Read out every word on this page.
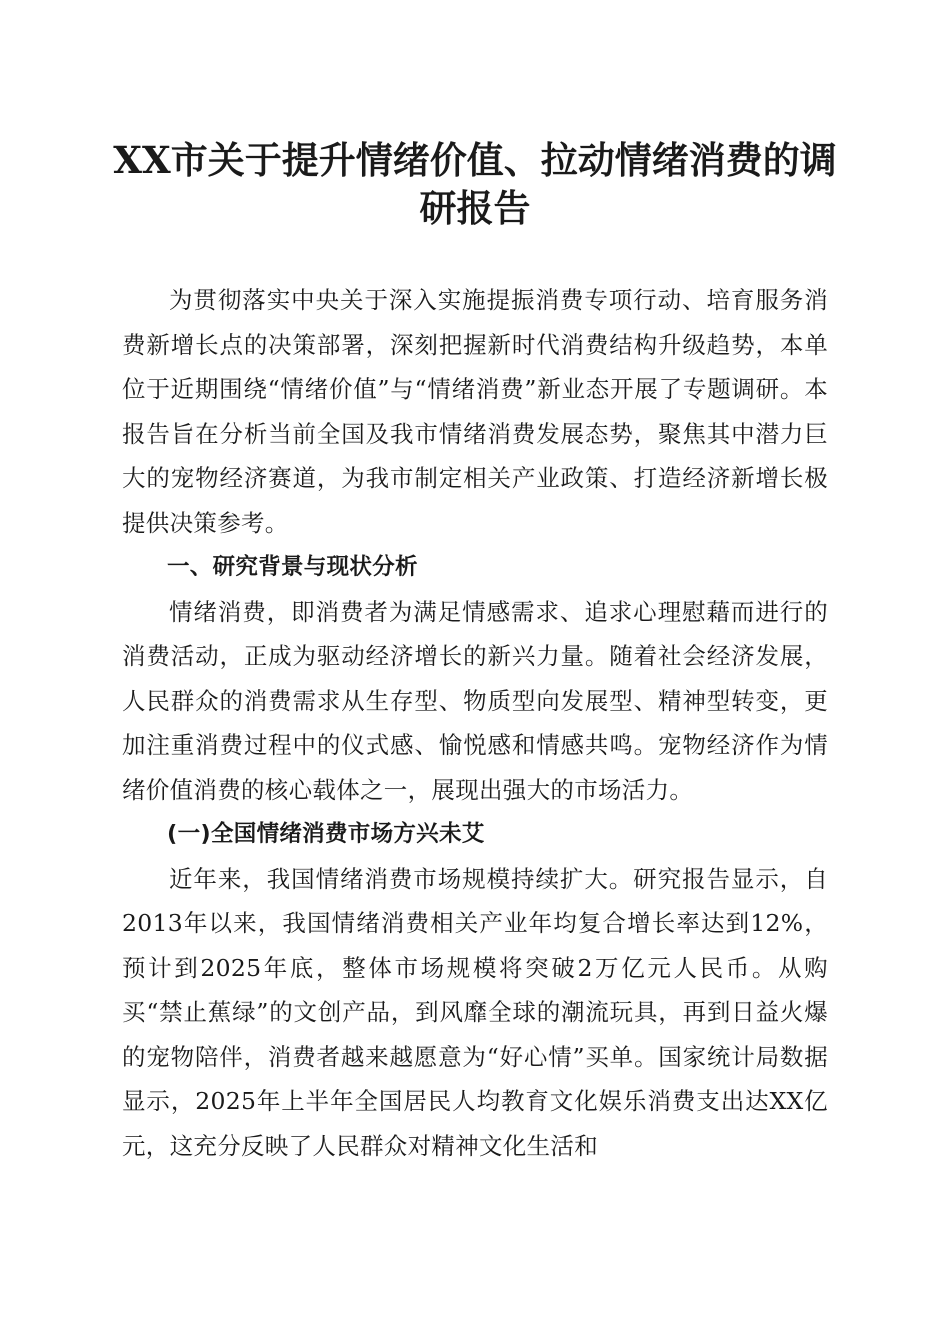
XX市关于提升情绪价值、拉动情绪消费的调研报告

为贯彻落实中央关于深入实施提振消费专项行动、培育服务消费新增长点的决策部署，深刻把握新时代消费结构升级趋势，本单位于近期围绕“情绪价值”与“情绪消费”新业态开展了专题调研。本报告旨在分析当前全国及我市情绪消费发展态势，聚焦其中潜力巨大的宠物经济赛道，为我市制定相关产业政策、打造经济新增长极提供决策参考。

一、研究背景与现状分析

情绪消费，即消费者为满足情感需求、追求心理慰藉而进行的消费活动，正成为驱动经济增长的新兴力量。随着社会经济发展，人民群众的消费需求从生存型、物质型向发展型、精神型转变，更加注重消费过程中的仪式感、愉悦感和情感共鸣。宠物经济作为情绪价值消费的核心载体之一，展现出强大的市场活力。

(一)全国情绪消费市场方兴未艾

近年来，我国情绪消费市场规模持续扩大。研究报告显示，自2013年以来，我国情绪消费相关产业年均复合增长率达到12%，预计到2025年底，整体市场规模将突破2万亿元人民币。从购买“禁止蕉绿”的文创产品，到风靡全球的潮流玩具，再到日益火爆的宠物陪伴，消费者越来越愿意为“好心情”买单。国家统计局数据显示，2025年上半年全国居民人均教育文化娱乐消费支出达XX亿元，这充分反映了人民群众对精神文化生活和
